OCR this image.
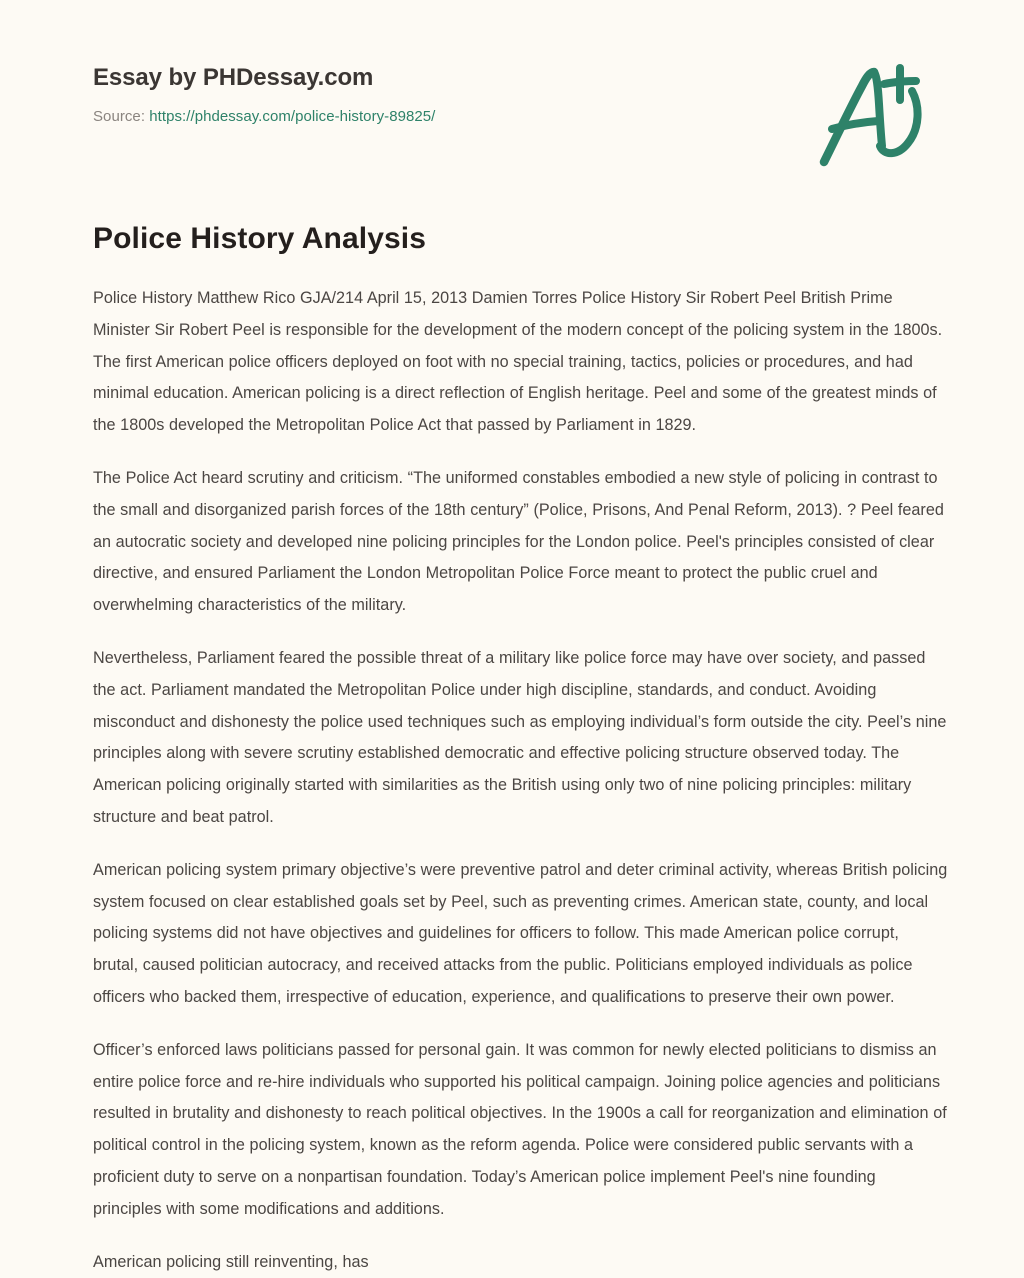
Essay by PHDessay.com
Source: https://phdessay.com/police-history-89825/
Police History Analysis

Police History Matthew Rico GJA/214 April 15, 2013 Damien Torres Police History Sir Robert Peel British Prime Minister Sir Robert Peel is responsible for the development of the modern concept of the policing system in the 1800s. The first American police officers deployed on foot with no special training, tactics, policies or procedures, and had minimal education. American policing is a direct reflection of English heritage. Peel and some of the greatest minds of the 1800s developed the Metropolitan Police Act that passed by Parliament in 1829.

The Police Act heard scrutiny and criticism. “The uniformed constables embodied a new style of policing in contrast to the small and disorganized parish forces of the 18th century” (Police, Prisons, And Penal Reform, 2013). ? Peel feared an autocratic society and developed nine policing principles for the London police. Peel's principles consisted of clear directive, and ensured Parliament the London Metropolitan Police Force meant to protect the public cruel and overwhelming characteristics of the military.

Nevertheless, Parliament feared the possible threat of a military like police force may have over society, and passed the act. Parliament mandated the Metropolitan Police under high discipline, standards, and conduct. Avoiding misconduct and dishonesty the police used techniques such as employing individual’s form outside the city. Peel’s nine principles along with severe scrutiny established democratic and effective policing structure observed today. The American policing originally started with similarities as the British using only two of nine policing principles: military structure and beat patrol.

American policing system primary objective’s were preventive patrol and deter criminal activity, whereas British policing system focused on clear established goals set by Peel, such as preventing crimes. American state, county, and local policing systems did not have objectives and guidelines for officers to follow. This made American police corrupt, brutal, caused politician autocracy, and received attacks from the public. Politicians employed individuals as police officers who backed them, irrespective of education, experience, and qualifications to preserve their own power.

Officer’s enforced laws politicians passed for personal gain. It was common for newly elected politicians to dismiss an entire police force and re-hire individuals who supported his political campaign. Joining police agencies and politicians resulted in brutality and dishonesty to reach political objectives. In the 1900s a call for reorganization and elimination of political control in the policing system, known as the reform agenda. Police were considered public servants with a proficient duty to serve on a nonpartisan foundation. Today’s American police implement Peel's nine founding principles with some modifications and additions.

American policing still reinventing, has
